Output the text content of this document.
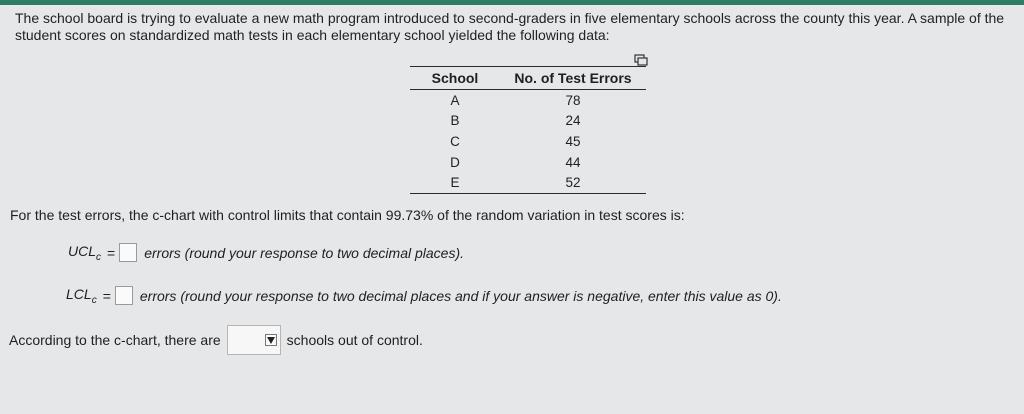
The school board is trying to evaluate a new math program introduced to second-graders in five elementary schools across the county this year. A sample of the student scores on standardized math tests in each elementary school yielded the following data:
School	No. of Test Errors
A	78
B	24
C	45
D	44
E	52
For the test errors, the c-chart with control limits that contain 99.73% of the random variation in test scores is:
$UCL_c$ = errors (round your response to two decimal places).
$LCL_c$ = errors (round your response to two decimal places and if your answer is negative, enter this value as 0).
According to the c-chart, there are	schools out of control.
